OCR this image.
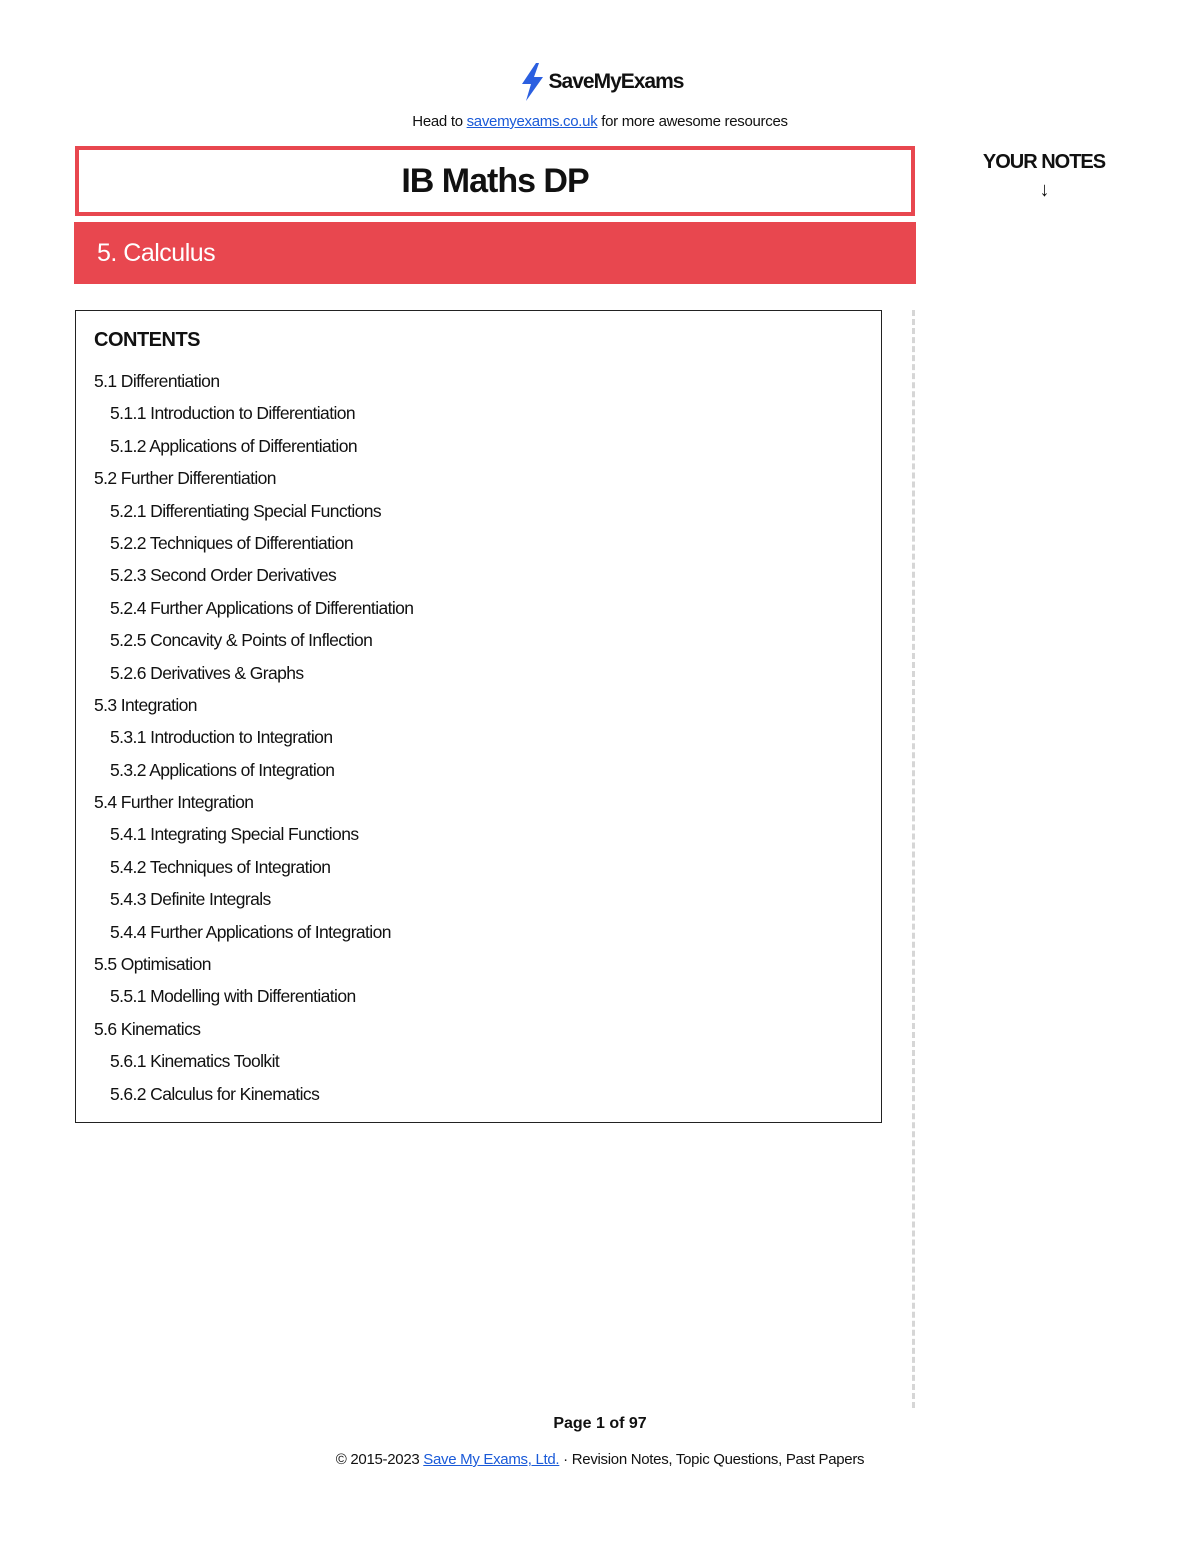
SaveMyExams
Head to savemyexams.co.uk for more awesome resources
IB Maths DP
5. Calculus
YOUR NOTES
↓
CONTENTS
5.1 Differentiation
5.1.1 Introduction to Differentiation
5.1.2 Applications of Differentiation
5.2 Further Differentiation
5.2.1 Differentiating Special Functions
5.2.2 Techniques of Differentiation
5.2.3 Second Order Derivatives
5.2.4 Further Applications of Differentiation
5.2.5 Concavity & Points of Inflection
5.2.6 Derivatives & Graphs
5.3 Integration
5.3.1 Introduction to Integration
5.3.2 Applications of Integration
5.4 Further Integration
5.4.1 Integrating Special Functions
5.4.2 Techniques of Integration
5.4.3 Definite Integrals
5.4.4 Further Applications of Integration
5.5 Optimisation
5.5.1 Modelling with Differentiation
5.6 Kinematics
5.6.1 Kinematics Toolkit
5.6.2 Calculus for Kinematics
Page 1 of 97
© 2015-2023 Save My Exams, Ltd. · Revision Notes, Topic Questions, Past Papers
